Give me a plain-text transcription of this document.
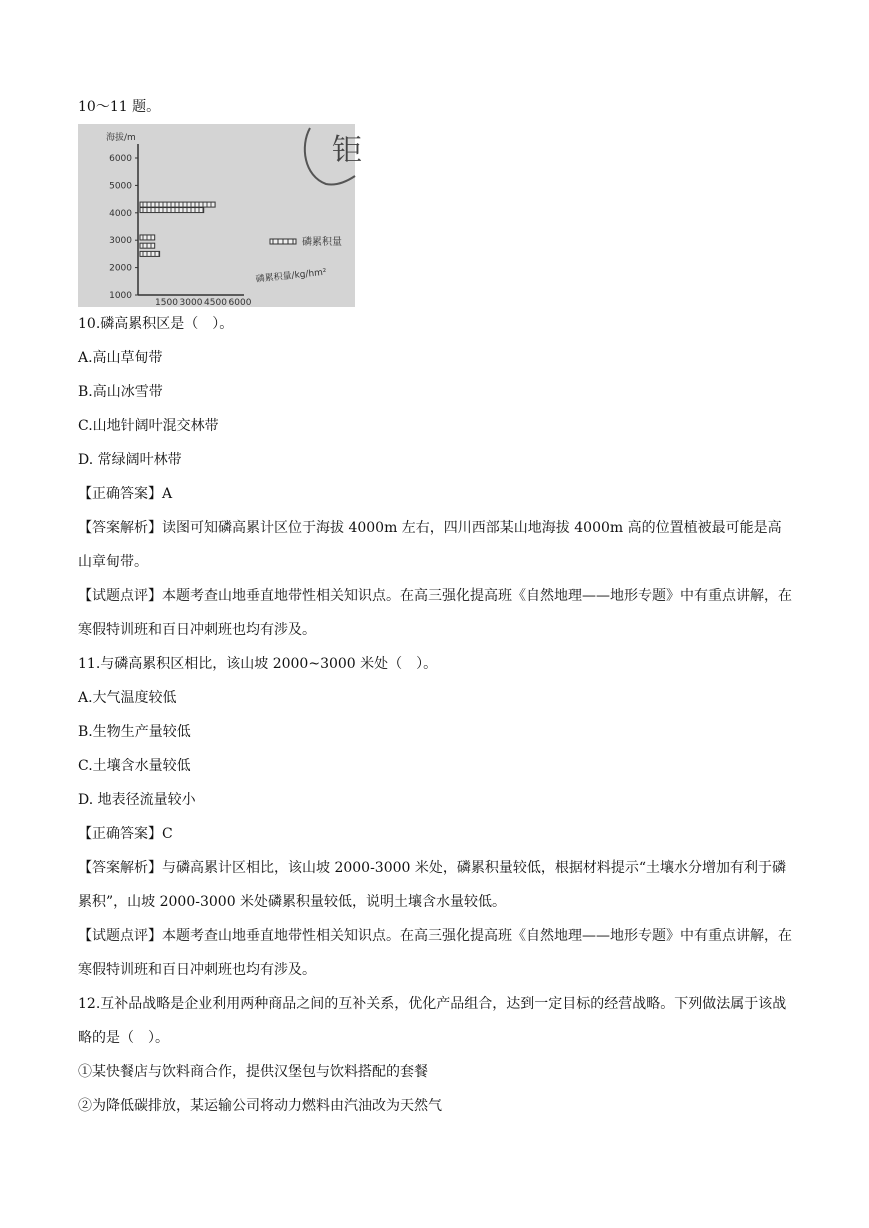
10～11 题。

钜
海拔/m
6000
5000
4000
3000
2000
1000
1500 3000 4500 6000
磷累积量
磷累积量/kg/hm²

10.磷高累积区是（　）。

A.高山草甸带

B.高山冰雪带

C.山地针阔叶混交林带

D. 常绿阔叶林带

【正确答案】A

【答案解析】读图可知磷高累计区位于海拔 4000m 左右，四川西部某山地海拔 4000m 高的位置植被最可能是高山章甸带。

【试题点评】本题考查山地垂直地带性相关知识点。在高三强化提高班《自然地理——地形专题》中有重点讲解，在寒假特训班和百日冲刺班也均有涉及。

11.与磷高累积区相比，该山坡 2000~3000 米处（　）。

A.大气温度较低

B.生物生产量较低

C.土壤含水量较低

D. 地表径流量较小

【正确答案】C

【答案解析】与磷高累计区相比，该山坡 2000-3000 米处，磷累积量较低，根据材料提示“土壤水分增加有利于磷累积”，山坡 2000-3000 米处磷累积量较低，说明土壤含水量较低。

【试题点评】本题考查山地垂直地带性相关知识点。在高三强化提高班《自然地理——地形专题》中有重点讲解，在寒假特训班和百日冲刺班也均有涉及。

12.互补品战略是企业利用两种商品之间的互补关系，优化产品组合，达到一定目标的经营战略。下列做法属于该战略的是（　）。

①某快餐店与饮料商合作，提供汉堡包与饮料搭配的套餐

②为降低碳排放，某运输公司将动力燃料由汽油改为天然气
